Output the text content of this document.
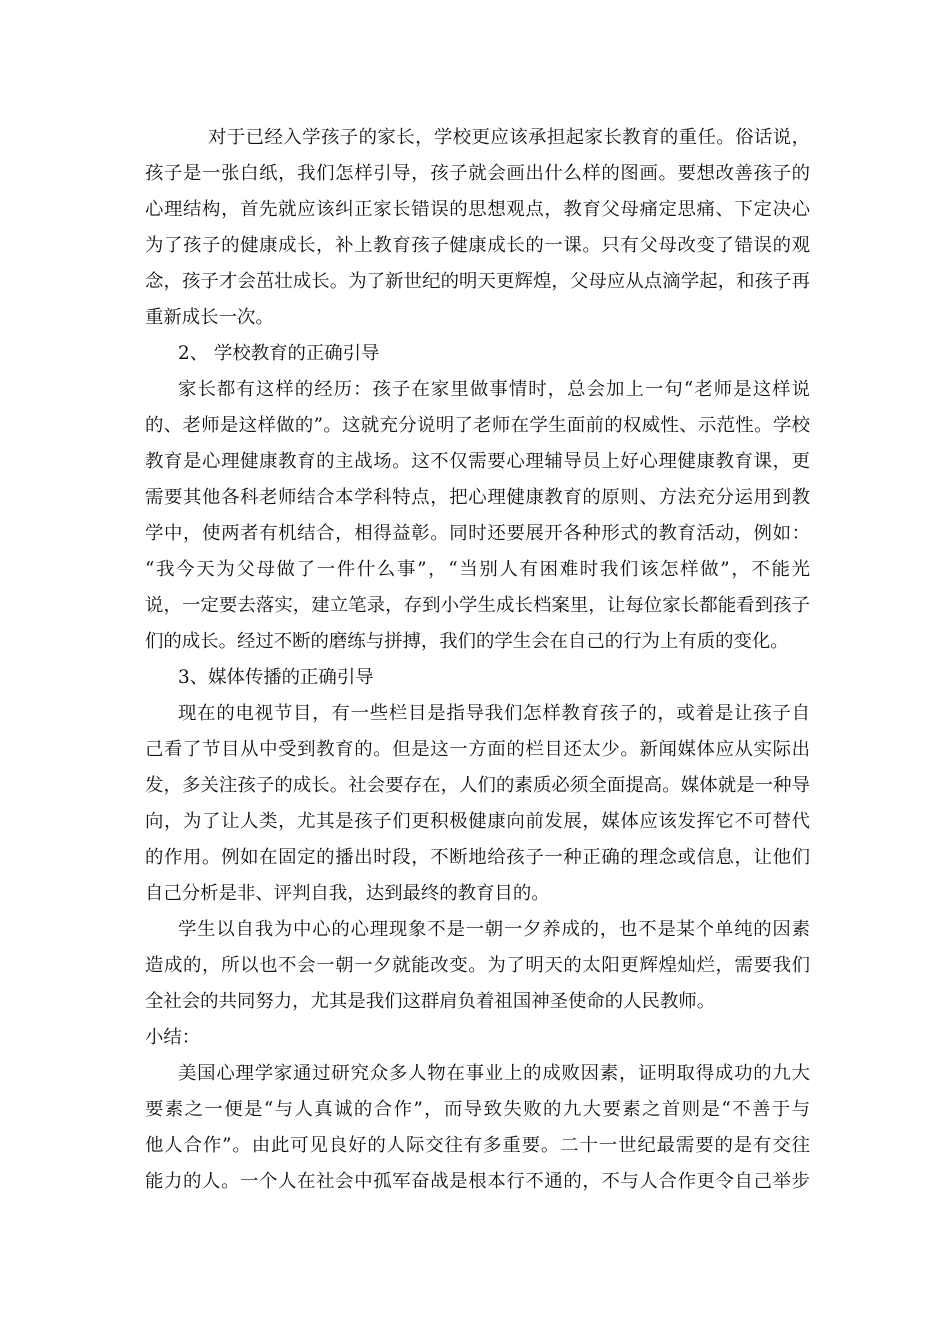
对于已经入学孩子的家长，学校更应该承担起家长教育的重任。俗话说，
孩子是一张白纸，我们怎样引导，孩子就会画出什么样的图画。要想改善孩子的
心理结构，首先就应该纠正家长错误的思想观点，教育父母痛定思痛、下定决心
为了孩子的健康成长，补上教育孩子健康成长的一课。只有父母改变了错误的观
念，孩子才会茁壮成长。为了新世纪的明天更辉煌，父母应从点滴学起，和孩子再
重新成长一次。
2、 学校教育的正确引导
家长都有这样的经历：孩子在家里做事情时，总会加上一句“老师是这样说
的、老师是这样做的”。这就充分说明了老师在学生面前的权威性、示范性。学校
教育是心理健康教育的主战场。这不仅需要心理辅导员上好心理健康教育课，更
需要其他各科老师结合本学科特点，把心理健康教育的原则、方法充分运用到教
学中，使两者有机结合，相得益彰。同时还要展开各种形式的教育活动，例如：
“我今天为父母做了一件什么事”，“当别人有困难时我们该怎样做”，不能光
说，一定要去落实，建立笔录，存到小学生成长档案里，让每位家长都能看到孩子
们的成长。经过不断的磨练与拼搏，我们的学生会在自己的行为上有质的变化。
3、媒体传播的正确引导
现在的电视节目，有一些栏目是指导我们怎样教育孩子的，或着是让孩子自
己看了节目从中受到教育的。但是这一方面的栏目还太少。新闻媒体应从实际出
发，多关注孩子的成长。社会要存在，人们的素质必须全面提高。媒体就是一种导
向，为了让人类，尤其是孩子们更积极健康向前发展，媒体应该发挥它不可替代
的作用。例如在固定的播出时段，不断地给孩子一种正确的理念或信息，让他们
自己分析是非、评判自我，达到最终的教育目的。
学生以自我为中心的心理现象不是一朝一夕养成的，也不是某个单纯的因素
造成的，所以也不会一朝一夕就能改变。为了明天的太阳更辉煌灿烂，需要我们
全社会的共同努力，尤其是我们这群肩负着祖国神圣使命的人民教师。
小结：
美国心理学家通过研究众多人物在事业上的成败因素，证明取得成功的九大
要素之一便是“与人真诚的合作”，而导致失败的九大要素之首则是“不善于与
他人合作”。由此可见良好的人际交往有多重要。二十一世纪最需要的是有交往
能力的人。一个人在社会中孤军奋战是根本行不通的，不与人合作更令自己举步
